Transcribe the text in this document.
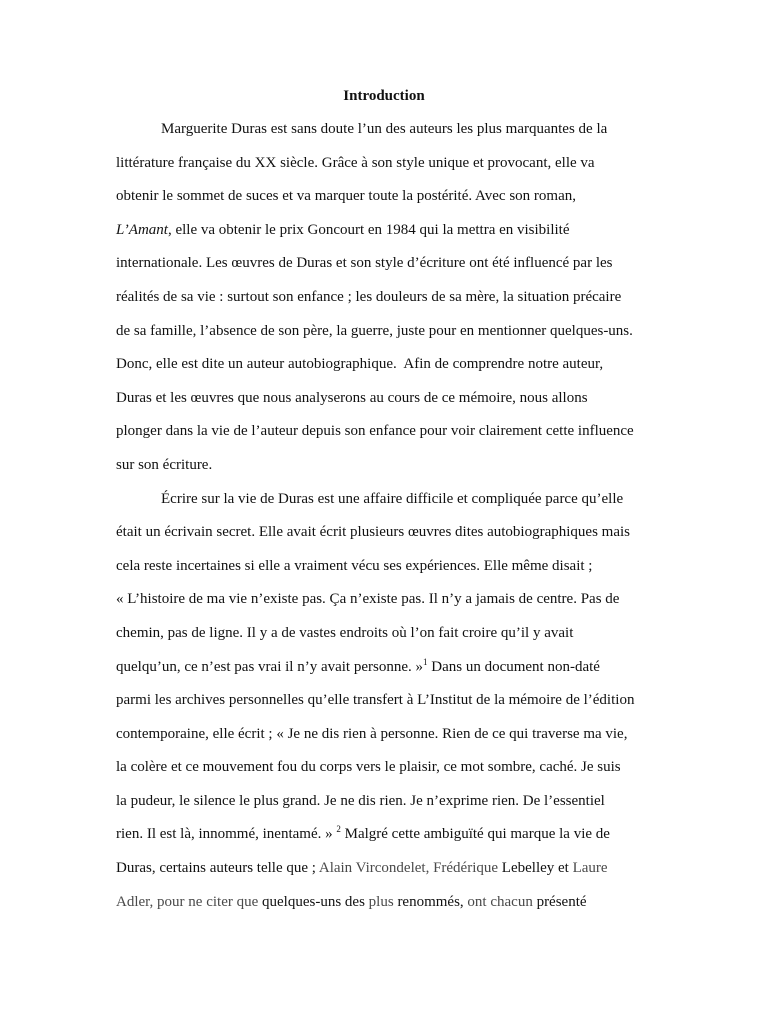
Introduction
Marguerite Duras est sans doute l’un des auteurs les plus marquantes de la
littérature française du XX siècle. Grâce à son style unique et provocant, elle va
obtenir le sommet de suces et va marquer toute la postérité. Avec son roman,
L’Amant, elle va obtenir le prix Goncourt en 1984 qui la mettra en visibilité
internationale. Les œuvres de Duras et son style d’écriture ont été influencé par les
réalités de sa vie : surtout son enfance ; les douleurs de sa mère, la situation précaire
de sa famille, l’absence de son père, la guerre, juste pour en mentionner quelques-uns.
Donc, elle est dite un auteur autobiographique.  Afin de comprendre notre auteur,
Duras et les œuvres que nous analyserons au cours de ce mémoire, nous allons
plonger dans la vie de l’auteur depuis son enfance pour voir clairement cette influence
sur son écriture.
Écrire sur la vie de Duras est une affaire difficile et compliquée parce qu’elle
était un écrivain secret. Elle avait écrit plusieurs œuvres dites autobiographiques mais
cela reste incertaines si elle a vraiment vécu ses expériences. Elle même disait ;
« L’histoire de ma vie n’existe pas. Ça n’existe pas. Il n’y a jamais de centre. Pas de
chemin, pas de ligne. Il y a de vastes endroits où l’on fait croire qu’il y avait
quelqu’un, ce n’est pas vrai il n’y avait personne. »$^1$ Dans un document non-daté
parmi les archives personnelles qu’elle transfert à L’Institut de la mémoire de l’édition
contemporaine, elle écrit ; « Je ne dis rien à personne. Rien de ce qui traverse ma vie,
la colère et ce mouvement fou du corps vers le plaisir, ce mot sombre, caché. Je suis
la pudeur, le silence le plus grand. Je ne dis rien. Je n’exprime rien. De l’essentiel
rien. Il est là, innommé, inentamé. » $^2$ Malgré cette ambiguïté qui marque la vie de
Duras, certains auteurs telle que ; Alain Vircondelet, Frédérique Lebelley et Laure
Adler, pour ne citer que quelques-uns des plus renommés, ont chacun présenté
